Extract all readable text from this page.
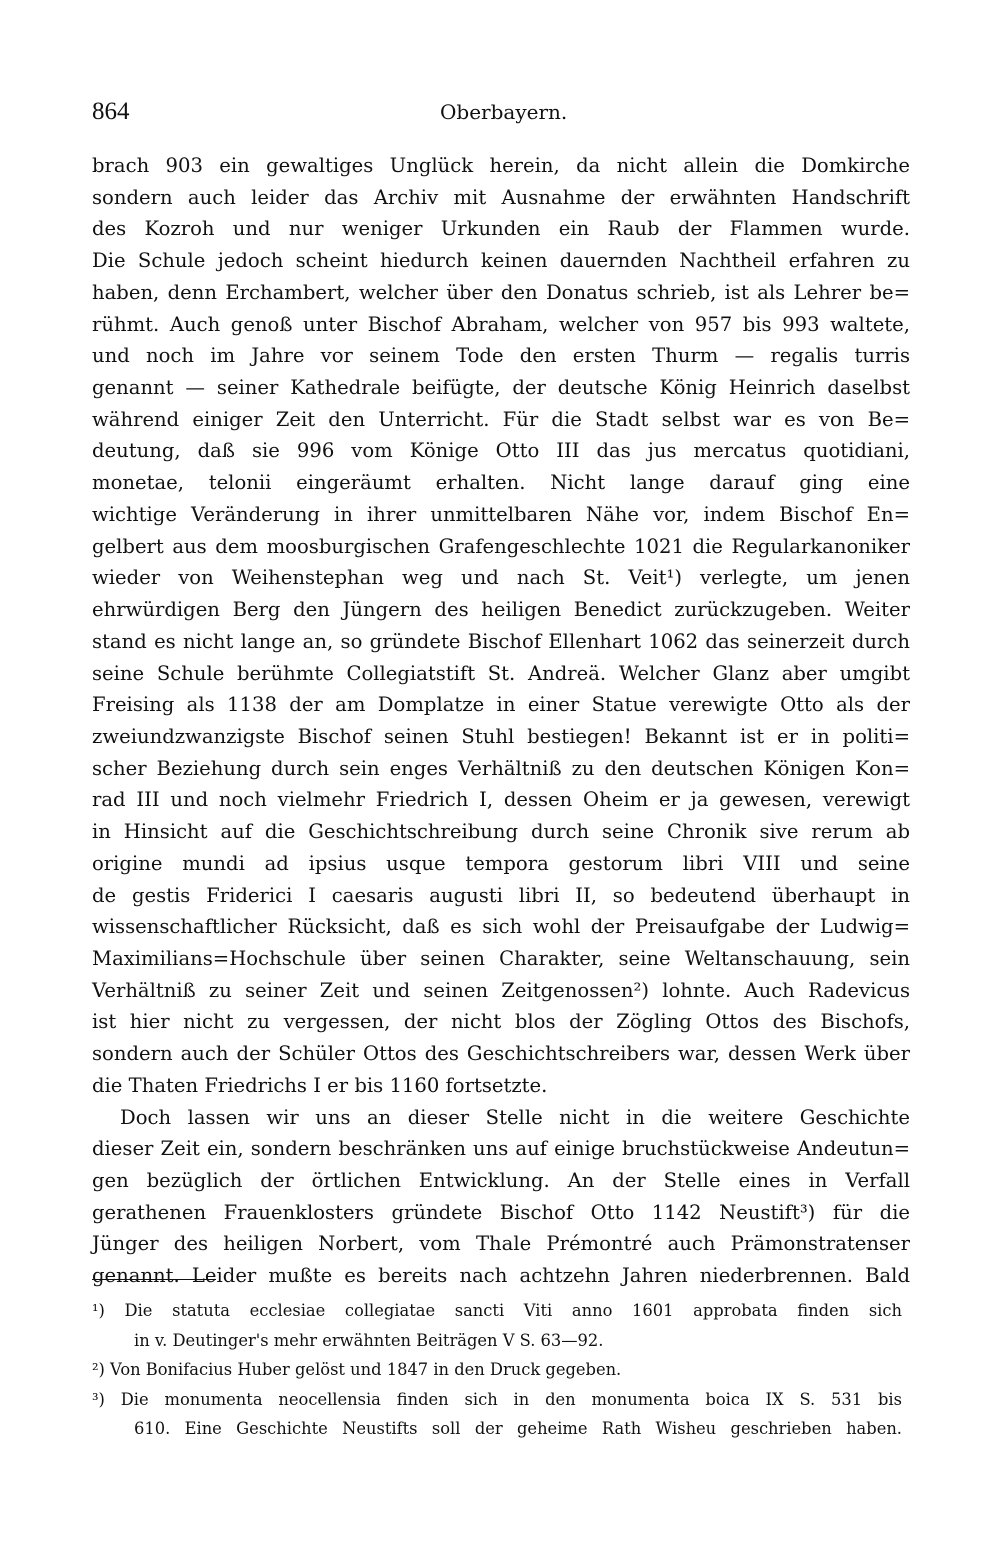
864	Oberbayern.
brach 903 ein gewaltiges Unglück herein, da nicht allein die Domkirche
sondern auch leider das Archiv mit Ausnahme der erwähnten Handschrift
des Kozroh und nur weniger Urkunden ein Raub der Flammen wurde.
Die Schule jedoch scheint hiedurch keinen dauernden Nachtheil erfahren zu
haben, denn Erchambert, welcher über den Donatus schrieb, ist als Lehrer be=
rühmt. Auch genoß unter Bischof Abraham, welcher von 957 bis 993 waltete,
und noch im Jahre vor seinem Tode den ersten Thurm — regalis turris
genannt — seiner Kathedrale beifügte, der deutsche König Heinrich daselbst
während einiger Zeit den Unterricht. Für die Stadt selbst war es von Be=
deutung, daß sie 996 vom Könige Otto III das jus mercatus quotidiani,
monetae, telonii eingeräumt erhalten. Nicht lange darauf ging eine
wichtige Veränderung in ihrer unmittelbaren Nähe vor, indem Bischof En=
gelbert aus dem moosburgischen Grafengeschlechte 1021 die Regularkanoniker
wieder von Weihenstephan weg und nach St. Veit¹) verlegte, um jenen
ehrwürdigen Berg den Jüngern des heiligen Benedict zurückzugeben. Weiter
stand es nicht lange an, so gründete Bischof Ellenhart 1062 das seinerzeit durch
seine Schule berühmte Collegiatstift St. Andreä. Welcher Glanz aber umgibt
Freising als 1138 der am Domplatze in einer Statue verewigte Otto als der
zweiundzwanzigste Bischof seinen Stuhl bestiegen! Bekannt ist er in politi=
scher Beziehung durch sein enges Verhältniß zu den deutschen Königen Kon=
rad III und noch vielmehr Friedrich I, dessen Oheim er ja gewesen, verewigt
in Hinsicht auf die Geschichtschreibung durch seine Chronik sive rerum ab
origine mundi ad ipsius usque tempora gestorum libri VIII und seine
de gestis Friderici I caesaris augusti libri II, so bedeutend überhaupt in
wissenschaftlicher Rücksicht, daß es sich wohl der Preisaufgabe der Ludwig=
Maximilians=Hochschule über seinen Charakter, seine Weltanschauung, sein
Verhältniß zu seiner Zeit und seinen Zeitgenossen²) lohnte. Auch Radevicus
ist hier nicht zu vergessen, der nicht blos der Zögling Ottos des Bischofs,
sondern auch der Schüler Ottos des Geschichtschreibers war, dessen Werk über
die Thaten Friedrichs I er bis 1160 fortsetzte.
Doch lassen wir uns an dieser Stelle nicht in die weitere Geschichte
dieser Zeit ein, sondern beschränken uns auf einige bruchstückweise Andeutun=
gen bezüglich der örtlichen Entwicklung. An der Stelle eines in Verfall
gerathenen Frauenklosters gründete Bischof Otto 1142 Neustift³) für die
Jünger des heiligen Norbert, vom Thale Prémontré auch Prämonstratenser
genannt. Leider mußte es bereits nach achtzehn Jahren niederbrennen. Bald
¹) Die statuta ecclesiae collegiatae sancti Viti anno 1601 approbata finden sich
in v. Deutinger's mehr erwähnten Beiträgen V S. 63—92.
²) Von Bonifacius Huber gelöst und 1847 in den Druck gegeben.
³) Die monumenta neocellensia finden sich in den monumenta boica IX S. 531 bis
610. Eine Geschichte Neustifts soll der geheime Rath Wisheu geschrieben haben.
